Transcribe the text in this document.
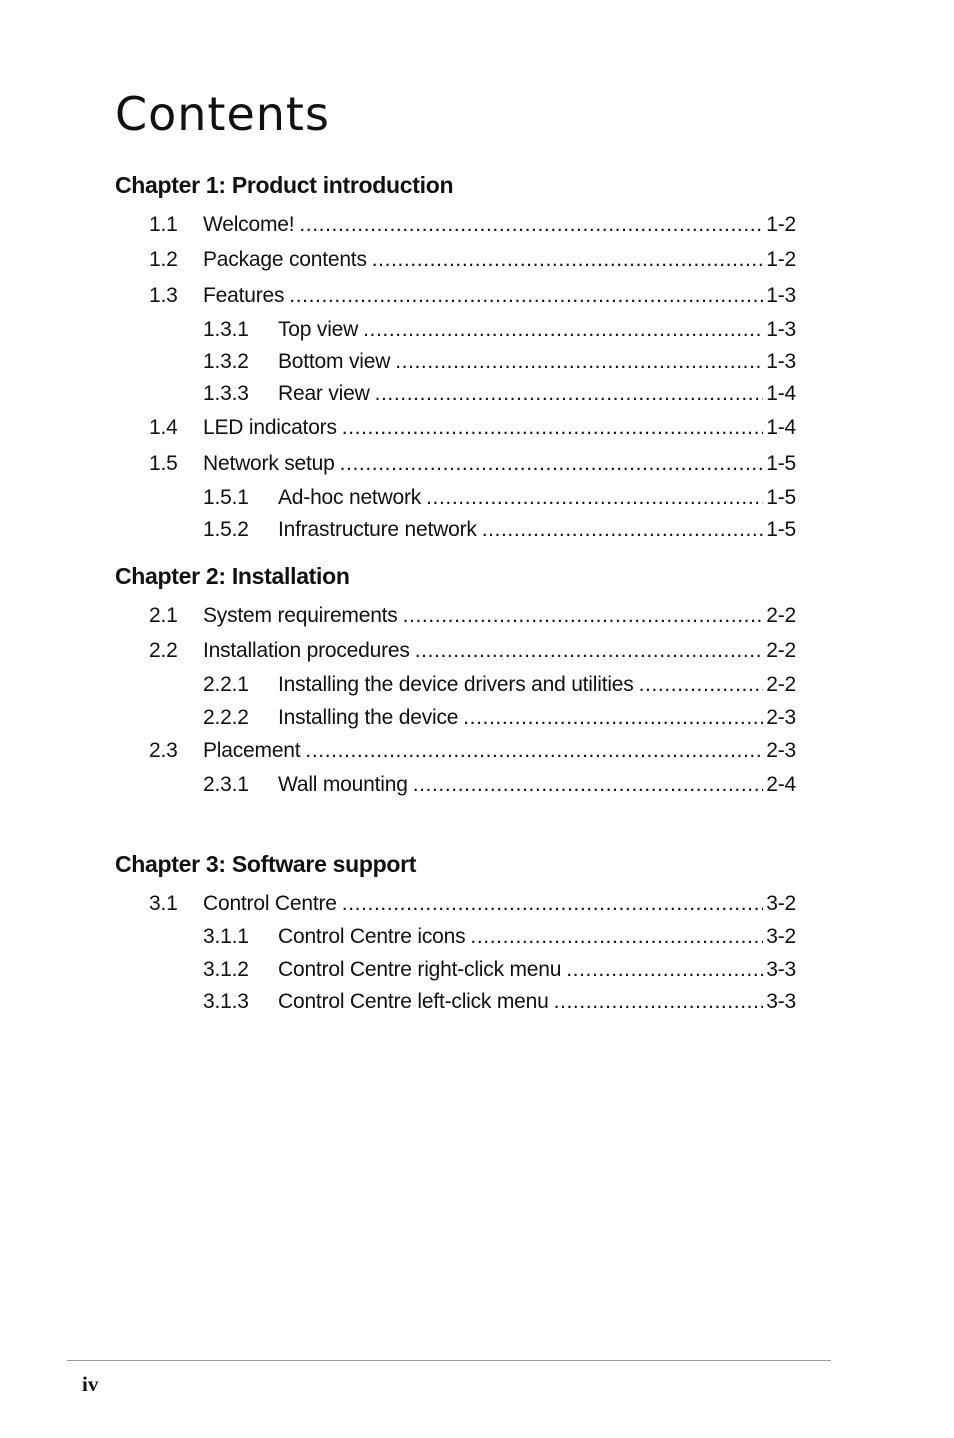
Contents
Chapter 1: Product introduction
1.1	Welcome! .....	1-2
1.2	Package contents .....	1-2
1.3	Features .....	1-3
1.3.1	Top view .....	1-3
1.3.2	Bottom view .....	1-3
1.3.3	Rear view .....	1-4
1.4	LED indicators .....	1-4
1.5	Network setup .....	1-5
1.5.1	Ad-hoc network .....	1-5
1.5.2	Infrastructure network .....	1-5
Chapter 2: Installation
2.1	System requirements .....	2-2
2.2	Installation procedures .....	2-2
2.2.1	Installing the device drivers and utilities .....	2-2
2.2.2	Installing the device .....	2-3
2.3	Placement .....	2-3
2.3.1	Wall mounting .....	2-4
Chapter 3: Software support
3.1	Control Centre .....	3-2
3.1.1	Control Centre icons .....	3-2
3.1.2	Control Centre right-click menu .....	3-3
3.1.3	Control Centre left-click menu .....	3-3
iv
